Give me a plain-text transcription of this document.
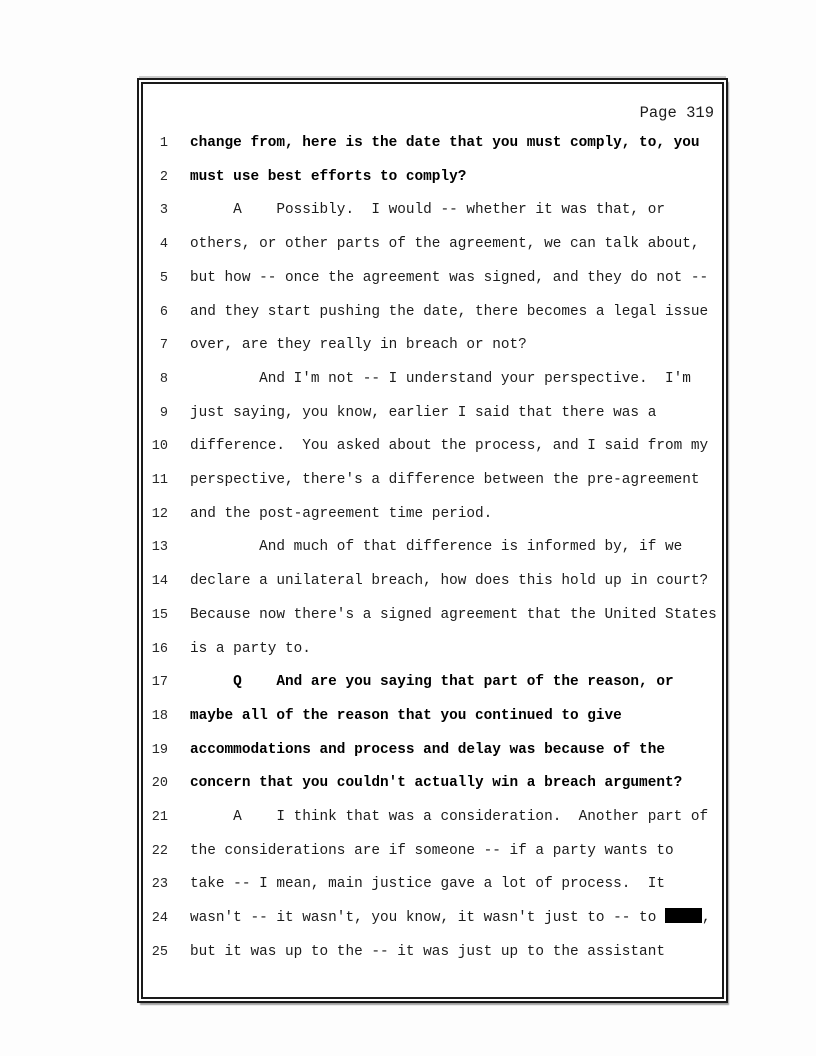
Page 319
1 change from, here is the date that you must comply, to, you
2 must use best efforts to comply?
3 A    Possibly.  I would -- whether it was that, or
4 others, or other parts of the agreement, we can talk about,
5 but how -- once the agreement was signed, and they do not --
6 and they start pushing the date, there becomes a legal issue
7 over, are they really in breach or not?
8 And I'm not -- I understand your perspective.  I'm
9 just saying, you know, earlier I said that there was a
10 difference.  You asked about the process, and I said from my
11 perspective, there's a difference between the pre-agreement
12 and the post-agreement time period.
13 And much of that difference is informed by, if we
14 declare a unilateral breach, how does this hold up in court?
15 Because now there's a signed agreement that the United States
16 is a party to.
17 Q    And are you saying that part of the reason, or
18 maybe all of the reason that you continued to give
19 accommodations and process and delay was because of the
20 concern that you couldn't actually win a breach argument?
21 A    I think that was a consideration.  Another part of
22 the considerations are if someone -- if a party wants to
23 take -- I mean, main justice gave a lot of process.  It
24 wasn't -- it wasn't, you know, it wasn't just to -- to	,
25 but it was up to the -- it was just up to the assistant
